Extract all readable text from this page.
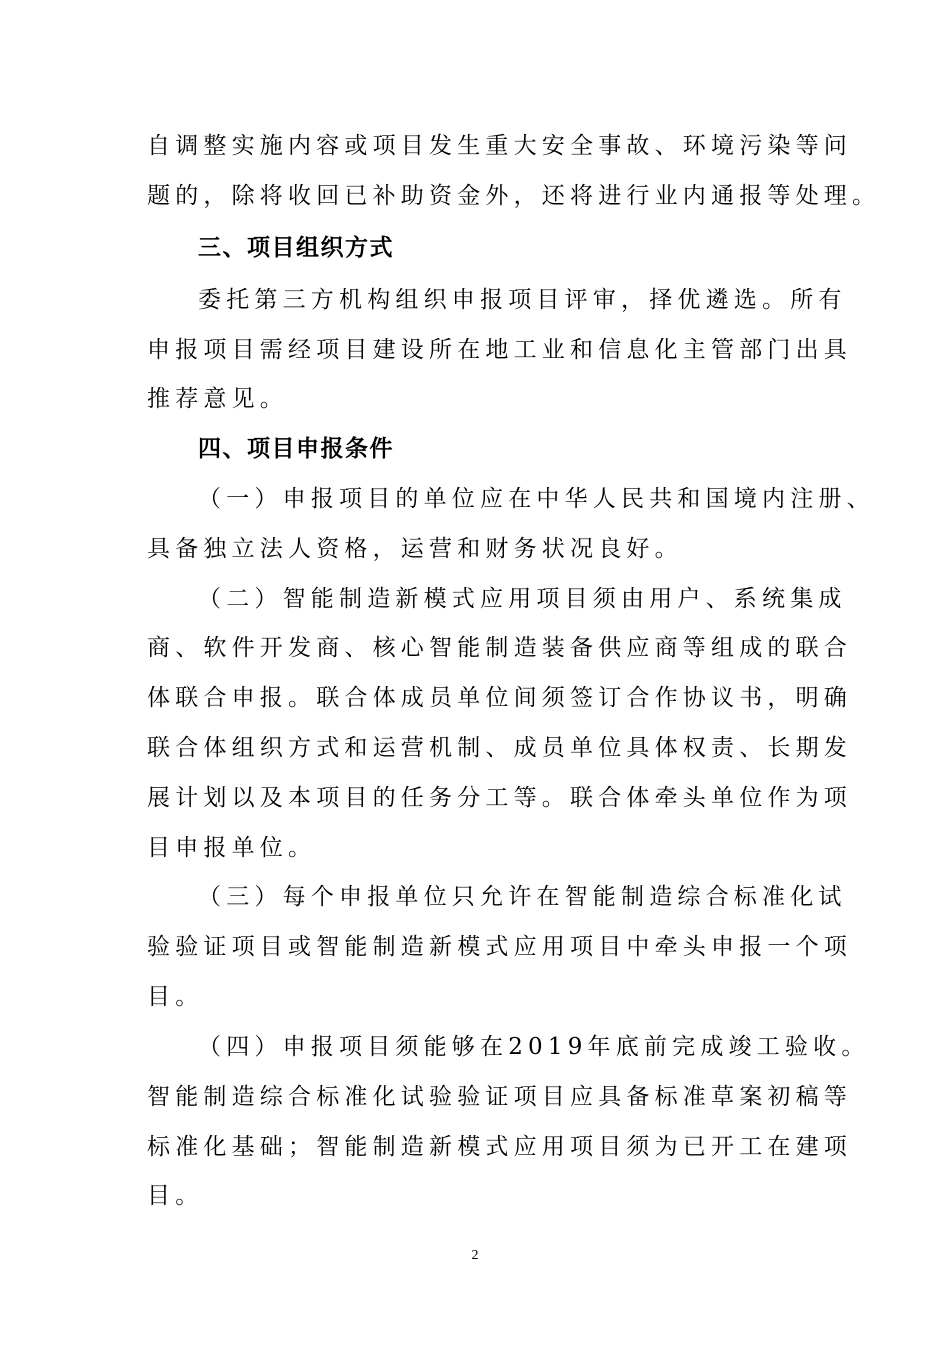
自调整实施内容或项目发生重大安全事故、环境污染等问
题的，除将收回已补助资金外，还将进行业内通报等处理。
三、项目组织方式
委托第三方机构组织申报项目评审，择优遴选。所有
申报项目需经项目建设所在地工业和信息化主管部门出具
推荐意见。
四、项目申报条件
（一）申报项目的单位应在中华人民共和国境内注册、
具备独立法人资格，运营和财务状况良好。
（二）智能制造新模式应用项目须由用户、系统集成
商、软件开发商、核心智能制造装备供应商等组成的联合
体联合申报。联合体成员单位间须签订合作协议书，明确
联合体组织方式和运营机制、成员单位具体权责、长期发
展计划以及本项目的任务分工等。联合体牵头单位作为项
目申报单位。
（三）每个申报单位只允许在智能制造综合标准化试
验验证项目或智能制造新模式应用项目中牵头申报一个项
目。
（四）申报项目须能够在2019年底前完成竣工验收。
智能制造综合标准化试验验证项目应具备标准草案初稿等
标准化基础；智能制造新模式应用项目须为已开工在建项
目。
2
